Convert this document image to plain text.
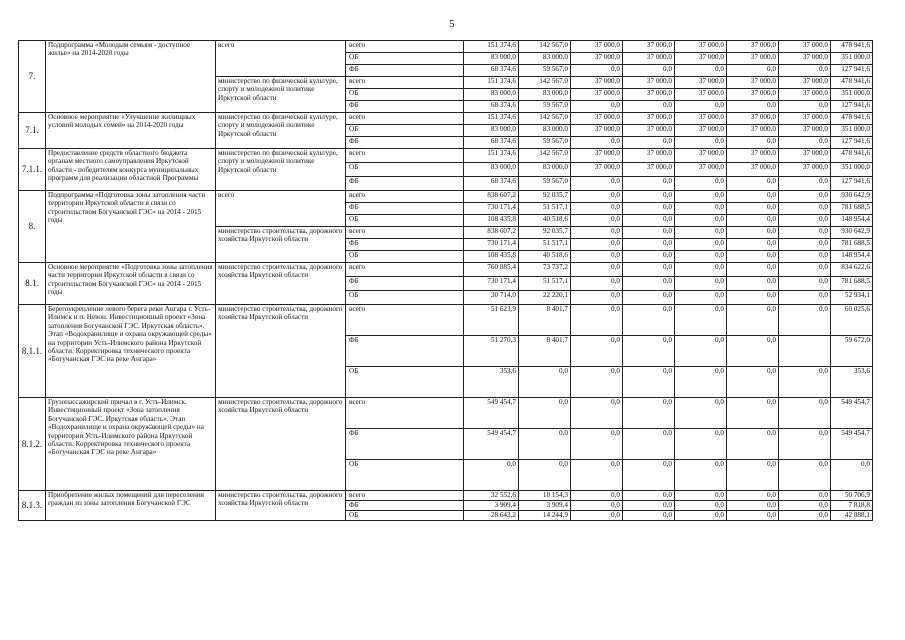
5
7.	Подпрограмма «Молодым семьям - доступное жилье» на 2014-2020 годы	всего	всего	151 374,6	142 567,0	37 000,0	37 000,0	37 000,0	37 000,0	37 000,0	478 941,6
			ОБ	83 000,0	83 000,0	37 000,0	37 000,0	37 000,0	37 000,0	37 000,0	351 000,0
			ФБ	68 374,6	59 567,0	0,0	0,0	0,0	0,0	0,0	127 941,6
		министерство по физической культуре, спорту и молодежной политике Иркутской области	всего	151 374,6	142 567,0	37 000,0	37 000,0	37 000,0	37 000,0	37 000,0	478 941,6
			ОБ	83 000,0	83 000,0	37 000,0	37 000,0	37 000,0	37 000,0	37 000,0	351 000,0
			ФБ	68 374,6	59 567,0	0,0	0,0	0,0	0,0	0,0	127 941,6
7.1.	Основное мероприятие «Улучшение жилищных условий молодых семей» на 2014-2020 годы	министерство по физической культуре, спорту и молодежной политике Иркутской области	всего	151 374,6	142 567,0	37 000,0	37 000,0	37 000,0	37 000,0	37 000,0	478 941,6
			ОБ	83 000,0	83 000,0	37 000,0	37 000,0	37 000,0	37 000,0	37 000,0	351 000,0
			ФБ	68 374,6	59 567,0	0,0	0,0	0,0	0,0	0,0	127 941,6
7.1.1.	Предоставление средств областного бюджета органам местного самоуправления Иркутской области - победителям конкурса муниципальных программ для реализации областной Программы	министерство по физической культуре, спорту и молодежной политике Иркутской области	всего	151 374,6	142 567,0	37 000,0	37 000,0	37 000,0	37 000,0	37 000,0	478 941,6
			ОБ	83 000,0	83 000,0	37 000,0	37 000,0	37 000,0	37 000,0	37 000,0	351 000,0
			ФБ	68 374,6	59 567,0	0,0	0,0	0,0	0,0	0,0	127 941,6
8.	Подпрограмма «Подготовка зоны затопления части территории Иркутской области в связи со строительством Богучанской ГЭС» на 2014 - 2015 годы	всего	всего	838 607,2	92 035,7	0,0	0,0	0,0	0,0	0,0	930 642,9
			ФБ	730 171,4	51 517,1	0,0	0,0	0,0	0,0	0,0	781 688,5
			ОБ	108 435,8	40 518,6	0,0	0,0	0,0	0,0	0,0	148 954,4
		министерство строительства, дорожного хозяйства Иркутской области	всего	838 607,2	92 035,7	0,0	0,0	0,0	0,0	0,0	930 642,9
			ФБ	730 171,4	51 517,1	0,0	0,0	0,0	0,0	0,0	781 688,5
			ОБ	108 435,8	40 518,6	0,0	0,0	0,0	0,0	0,0	148 954,4
8.1.	Основное мероприятие «Подготовка зоны затопления части территории Иркутской области в связи со строительством Богучанской ГЭС» на 2014 - 2015 годы	министерство строительства, дорожного хозяйства Иркутской области	всего	760 885,4	73 737,2	0,0	0,0	0,0	0,0	0,0	834 622,6
			ФБ	730 171,4	51 517,1	0,0	0,0	0,0	0,0	0,0	781 688,5
			ОБ	30 714,0	22 220,1	0,0	0,0	0,0	0,0	0,0	52 934,1
8.1.1.	Берегоукрепление левого берега реки Ангара г. Усть-Илимск и п. Невон. Инвестиционный проект «Зона затопления Богучанской ГЭС. Иркутская область». Этап «Водохранилище и охрана окружающей среды» на территории Усть-Илимского района Иркутской области. Корректировка технического проекта «Богучанская ГЭС на реке Ангара»	министерство строительства, дорожного хозяйства Иркутской области	всего	51 623,9	8 401,7	0,0	0,0	0,0	0,0	0,0	60 025,6
			ФБ	51 270,3	8 401,7	0,0	0,0	0,0	0,0		59 672,0
			ОБ	353,6	0,0	0,0	0,0	0,0	0,0	0,0	353,6
8.1.2.	Грузопассажирский причал в г. Усть-Илимск. Инвестиционный проект «Зона затопления Богучанской ГЭС. Иркутская область». Этап «Водохранилище и охрана окружающей среды» на территории Усть-Илимского района Иркутской области. Корректировка технического проекта «Богучанская ГЭС на реке Ангара»	министерство строительства, дорожного хозяйства Иркутской области	всего	549 454,7	0,0	0,0	0,0	0,0	0,0	0,0	549 454,7
			ФБ	549 454,7	0,0	0,0	0,0	0,0	0,0	0,0	549 454,7
			ОБ	0,0	0,0	0,0	0,0	0,0	0,0	0,0	0,0
8.1.3.	Приобретение жилых помещений для переселения граждан из зоны затопления Богучанской ГЭС	министерство строительства, дорожного хозяйства Иркутской области	всего	32 552,6	18 154,3	0,0	0,0	0,0	0,0	0,0	50 706,9
			ФБ	3 909,4	3 909,4	0,0	0,0	0,0	0,0	0,0	7 818,8
			ОБ	28 643,2	14 244,9	0,0	0,0	0,0	0,0	0,0	42 888,1
